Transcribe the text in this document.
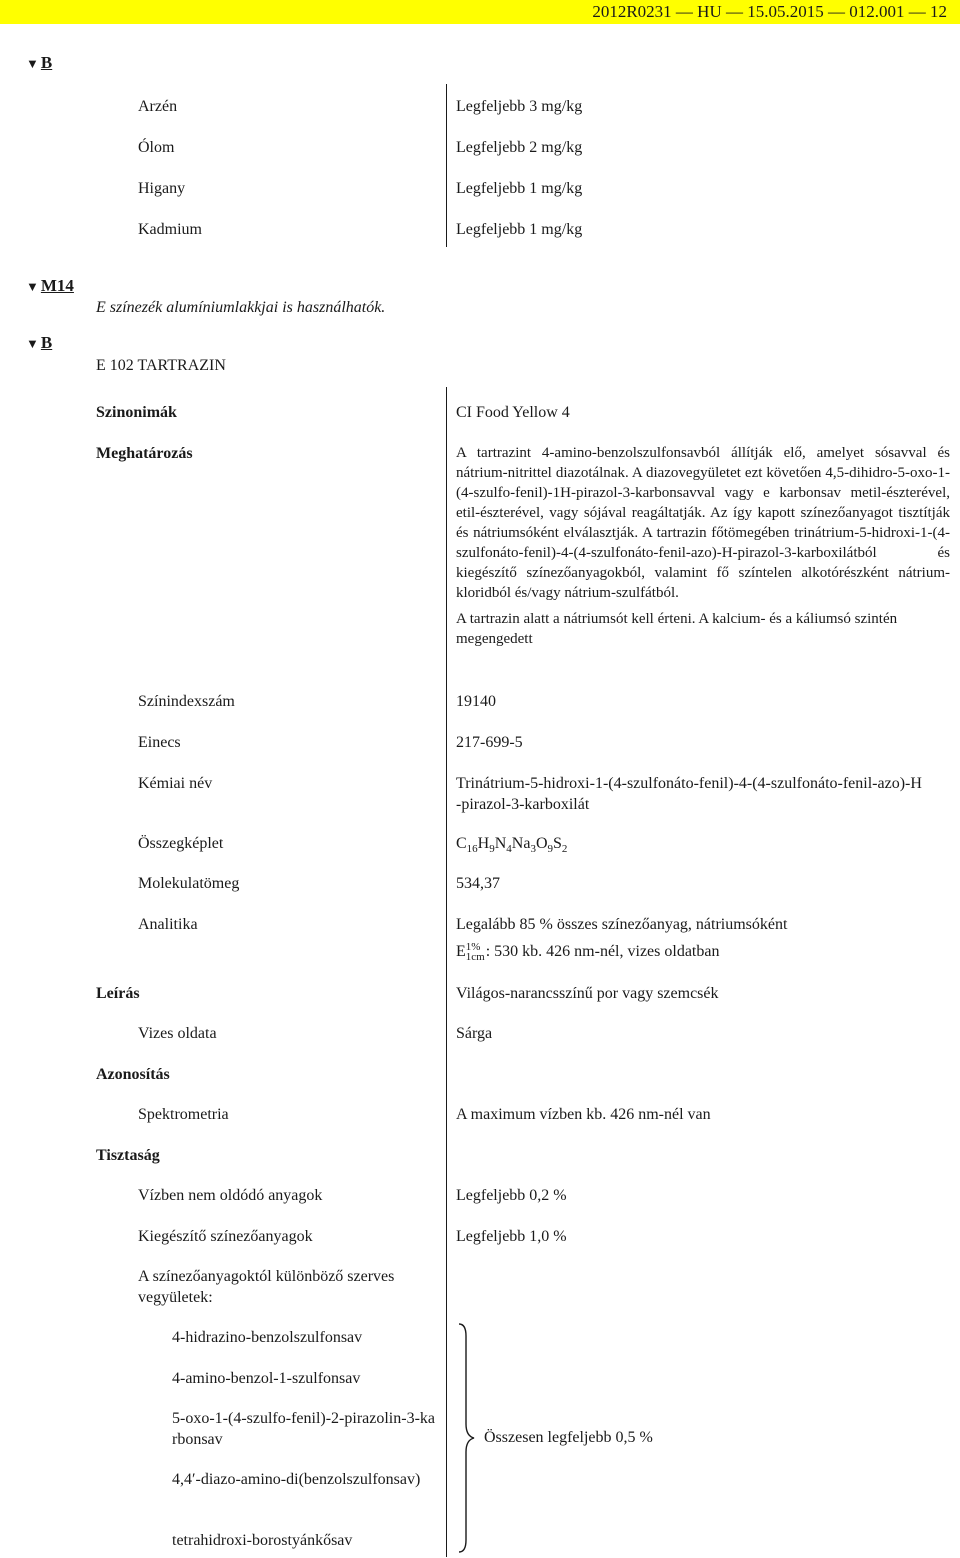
2012R0231 — HU — 15.05.2015 — 012.001 — 12
▼ B
Arzén	Legfeljebb 3 mg/kg
Ólom	Legfeljebb 2 mg/kg
Higany	Legfeljebb 1 mg/kg
Kadmium	Legfeljebb 1 mg/kg
▼ M14
E színezék alumíniumlakkjai is használhatók.
▼ B
E 102 TARTRAZIN
Szinonimák	CI Food Yellow 4
Meghatározás	A tartrazint 4-amino-benzolszulfonsavból állítják elő, amelyet sósavval és nátrium-nitrittel diazotálnak. A diazovegyületet ezt követően 4,5-dihidro-5-oxo-1-(4-szulfo-fenil)-1H-pirazol-3-karbonsavval vagy e karbonsav metil-észterével, etil-észterével, vagy sójával reagáltatják. Az így kapott színezőanyagot tisztítják és nátriumsóként elválasztják. A tartrazin főtömegében trinátrium-5-hidroxi-1-(4-szulfonáto-fenil)-4-(4-szulfonáto-fenil-azo)-H-pirazol-3-karboxilátból és kiegészítő színezőanyagokból, valamint fő színtelen alkotórészként nátrium-kloridból és/vagy nátrium-szulfátból.

A tartrazin alatt a nátriumsót kell érteni. A kalcium- és a káliumsó szintén megengedett

Színindexszám	19140
Einecs	217-699-5
Kémiai név	Trinátrium-5-hidroxi-1-(4-szulfonáto-fenil)-4-(4-szulfonáto-fenil-azo)-H-pirazol-3-karboxilát
Összegképlet	$C_{16}H_9N_4Na_3O_9S_2$
Molekulatömeg	534,37
Analitika	Legalább 85 % összes színezőanyag, nátriumsóként
E 1%
1cm : 530 kb. 426 nm-nél, vizes oldatban
Leírás	Világos-narancsszínű por vagy szemcsék
Vizes oldata	Sárga
Azonosítás
Spektrometria	A maximum vízben kb. 426 nm-nél van
Tisztaság
Vízben nem oldódó anyagok	Legfeljebb 0,2 %
Kiegészítő színezőanyagok	Legfeljebb 1,0 %
A színezőanyagoktól különböző szerves vegyületek:
4-hidrazino-benzolszulfonsav
4-amino-benzol-1-szulfonsav
5-oxo-1-(4-szulfo-fenil)-2-pirazolin-3-karbonsav
4,4′-diazo-amino-di(benzolszulfonsav)
tetrahidroxi-borostyánkősav
Összesen legfeljebb 0,5 %
